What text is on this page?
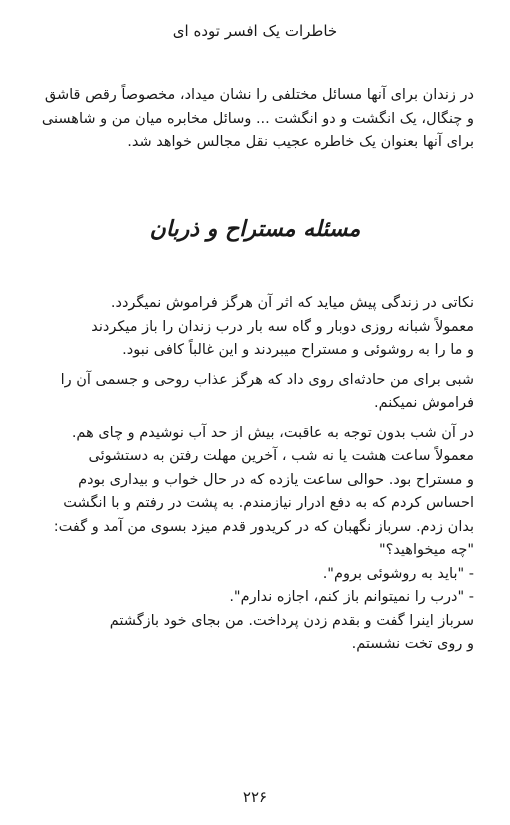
خاطرات یک افسر توده ای
در زندان برای آنها مسائل مختلفی را نشان میداد، مخصوصاً رقص قاشق
و چنگال، یک انگشت و دو انگشت ... وسائل مخابره میان من و شاهسنی
برای آنها بعنوان یک خاطره عجیب نقل مجالس خواهد شد.
مسئله مستراح و ذربان
نکاتی در زندگی پیش میاید که اثر آن هرگز فراموش نمیگردد.
معمولاً شبانه روزی دوبار و گاه سه بار درب زندان را باز میکردند
و ما را به روشوئی و مستراح میبردند و این غالباً کافی نبود.
شبی برای من حادثه‌ای روی داد که هرگز عذاب روحی و جسمی آن را
فراموش نمیکنم.
در آن شب بدون توجه به عاقبت، بیش از حد آب نوشیدم و چای هم.
معمولاً ساعت هشت یا نه شب ، آخرین مهلت رفتن به دستشوئی
و مستراح بود. حوالی ساعت یازده که در حال خواب و بیداری بودم
احساس کردم که به دفع ادرار نیازمندم. به پشت در رفتم و با انگشت
بدان زدم. سرباز نگهبان که در کریدور قدم میزد بسوی من آمد و گفت:
"چه میخواهید؟"
- "باید به روشوئی بروم".
- "درب را نمیتوانم باز کنم، اجازه ندارم".
سرباز اینرا گفت و بقدم زدن پرداخت. من بجای خود بازگشتم
و روی تخت نشستم.
۲۲۶
